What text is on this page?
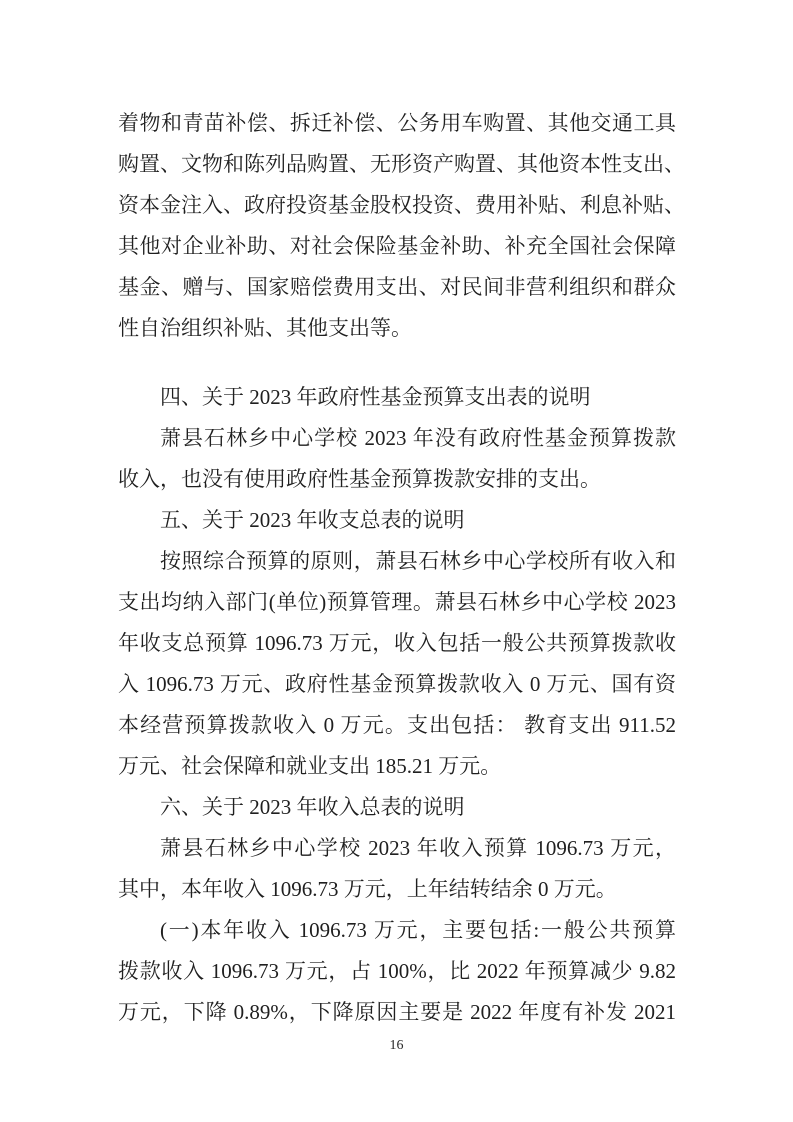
着物和青苗补偿、拆迁补偿、公务用车购置、其他交通工具
购置、文物和陈列品购置、无形资产购置、其他资本性支出、
资本金注入、政府投资基金股权投资、费用补贴、利息补贴、
其他对企业补助、对社会保险基金补助、补充全国社会保障
基金、赠与、国家赔偿费用支出、对民间非营利组织和群众
性自治组织补贴、其他支出等。
四、关于 2023 年政府性基金预算支出表的说明
萧县石林乡中心学校 2023 年没有政府性基金预算拨款
收入，也没有使用政府性基金预算拨款安排的支出。
五、关于 2023 年收支总表的说明
按照综合预算的原则，萧县石林乡中心学校所有收入和
支出均纳入部门(单位)预算管理。萧县石林乡中心学校 2023
年收支总预算 1096.73 万元，收入包括一般公共预算拨款收
入 1096.73 万元、政府性基金预算拨款收入 0 万元、国有资
本经营预算拨款收入 0 万元。支出包括： 教育支出 911.52
万元、社会保障和就业支出 185.21 万元。
六、关于 2023 年收入总表的说明
萧县石林乡中心学校 2023 年收入预算 1096.73 万元，
其中，本年收入 1096.73 万元，上年结转结余 0 万元。
(一)本年收入 1096.73 万元，主要包括:一般公共预算
拨款收入 1096.73 万元，占 100%，比 2022 年预算减少 9.82
万元，下降 0.89%，下降原因主要是 2022 年度有补发 2021
16
